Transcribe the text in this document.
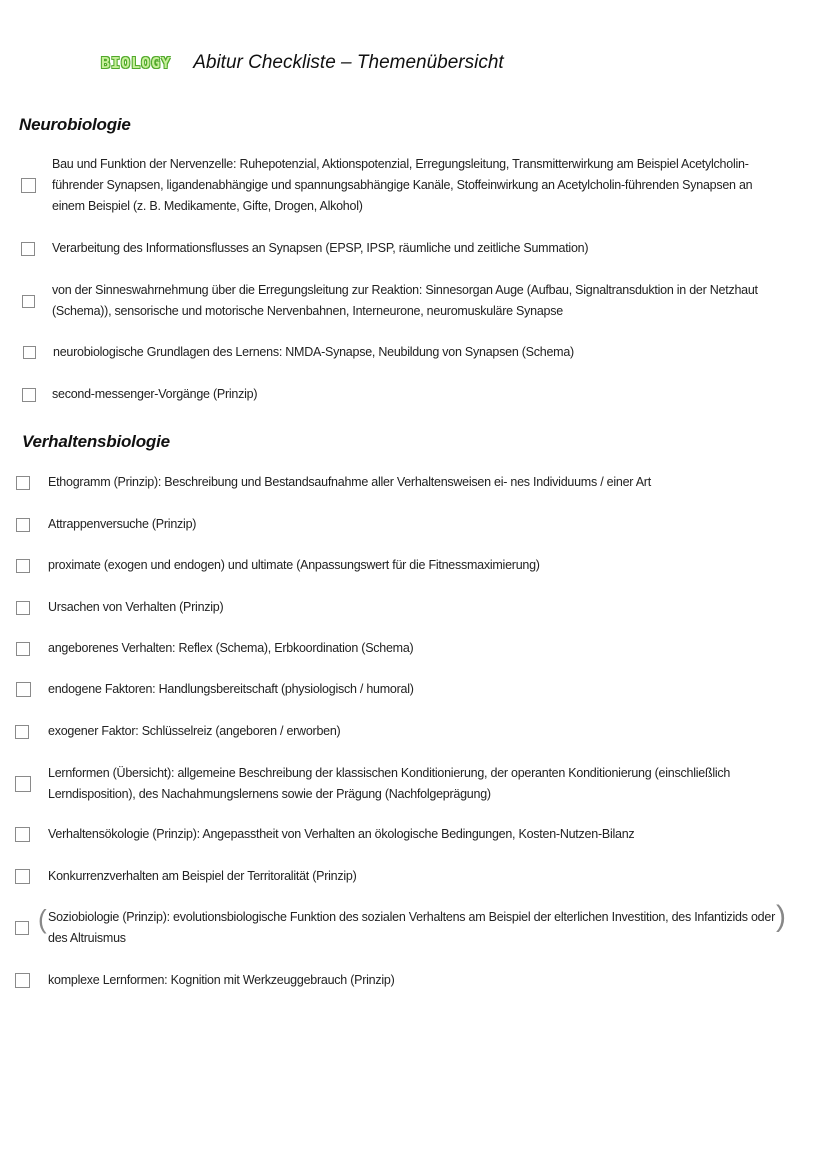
BIOLOGY Abitur Checkliste – Themenübersicht
Neurobiologie
Bau und Funktion der Nervenzelle: Ruhepotenzial, Aktionspotenzial, Erregungsleitung, Transmitterwirkung am Beispiel Acetylcholin-führender Synapsen, ligandenabhängige und spannungsabhängige Kanäle, Stoffeinwirkung an Acetylcholin-führenden Synapsen an einem Beispiel (z. B. Medikamente, Gifte, Drogen, Alkohol)
Verarbeitung des Informationsflusses an Synapsen (EPSP, IPSP, räumliche und zeitliche Summation)
von der Sinneswahrnehmung über die Erregungsleitung zur Reaktion: Sinnesorgan Auge (Aufbau, Signaltransduktion in der Netzhaut (Schema)), sensorische und motorische Nervenbahnen, Interneurone, neuromuskuläre Synapse
neurobiologische Grundlagen des Lernens: NMDA-Synapse, Neubildung von Synapsen (Schema)
second-messenger-Vorgänge (Prinzip)
Verhaltensbiologie
Ethogramm (Prinzip): Beschreibung und Bestandsaufnahme aller Verhaltensweisen ei- nes Individuums / einer Art
Attrappenversuche (Prinzip)
proximate (exogen und endogen) und ultimate (Anpassungswert für die Fitnessmaximierung)
Ursachen von Verhalten (Prinzip)
angeborenes Verhalten: Reflex (Schema), Erbkoordination (Schema)
endogene Faktoren: Handlungsbereitschaft (physiologisch / humoral)
exogener Faktor: Schlüsselreiz (angeboren / erworben)
Lernformen (Übersicht): allgemeine Beschreibung der klassischen Konditionierung, der operanten Konditionierung (einschließlich Lerndisposition), des Nachahmungslernens sowie der Prägung (Nachfolgeprägung)
Verhaltensökologie (Prinzip): Angepasstheit von Verhalten an ökologische Bedingungen, Kosten-Nutzen-Bilanz
Konkurrenzverhalten am Beispiel der Territoralität (Prinzip)
Soziobiologie (Prinzip): evolutionsbiologische Funktion des sozialen Verhaltens am Beispiel der elterlichen Investition, des Infantizids oder des Altruismus
(	)
komplexe Lernformen: Kognition mit Werkzeuggebrauch (Prinzip)
